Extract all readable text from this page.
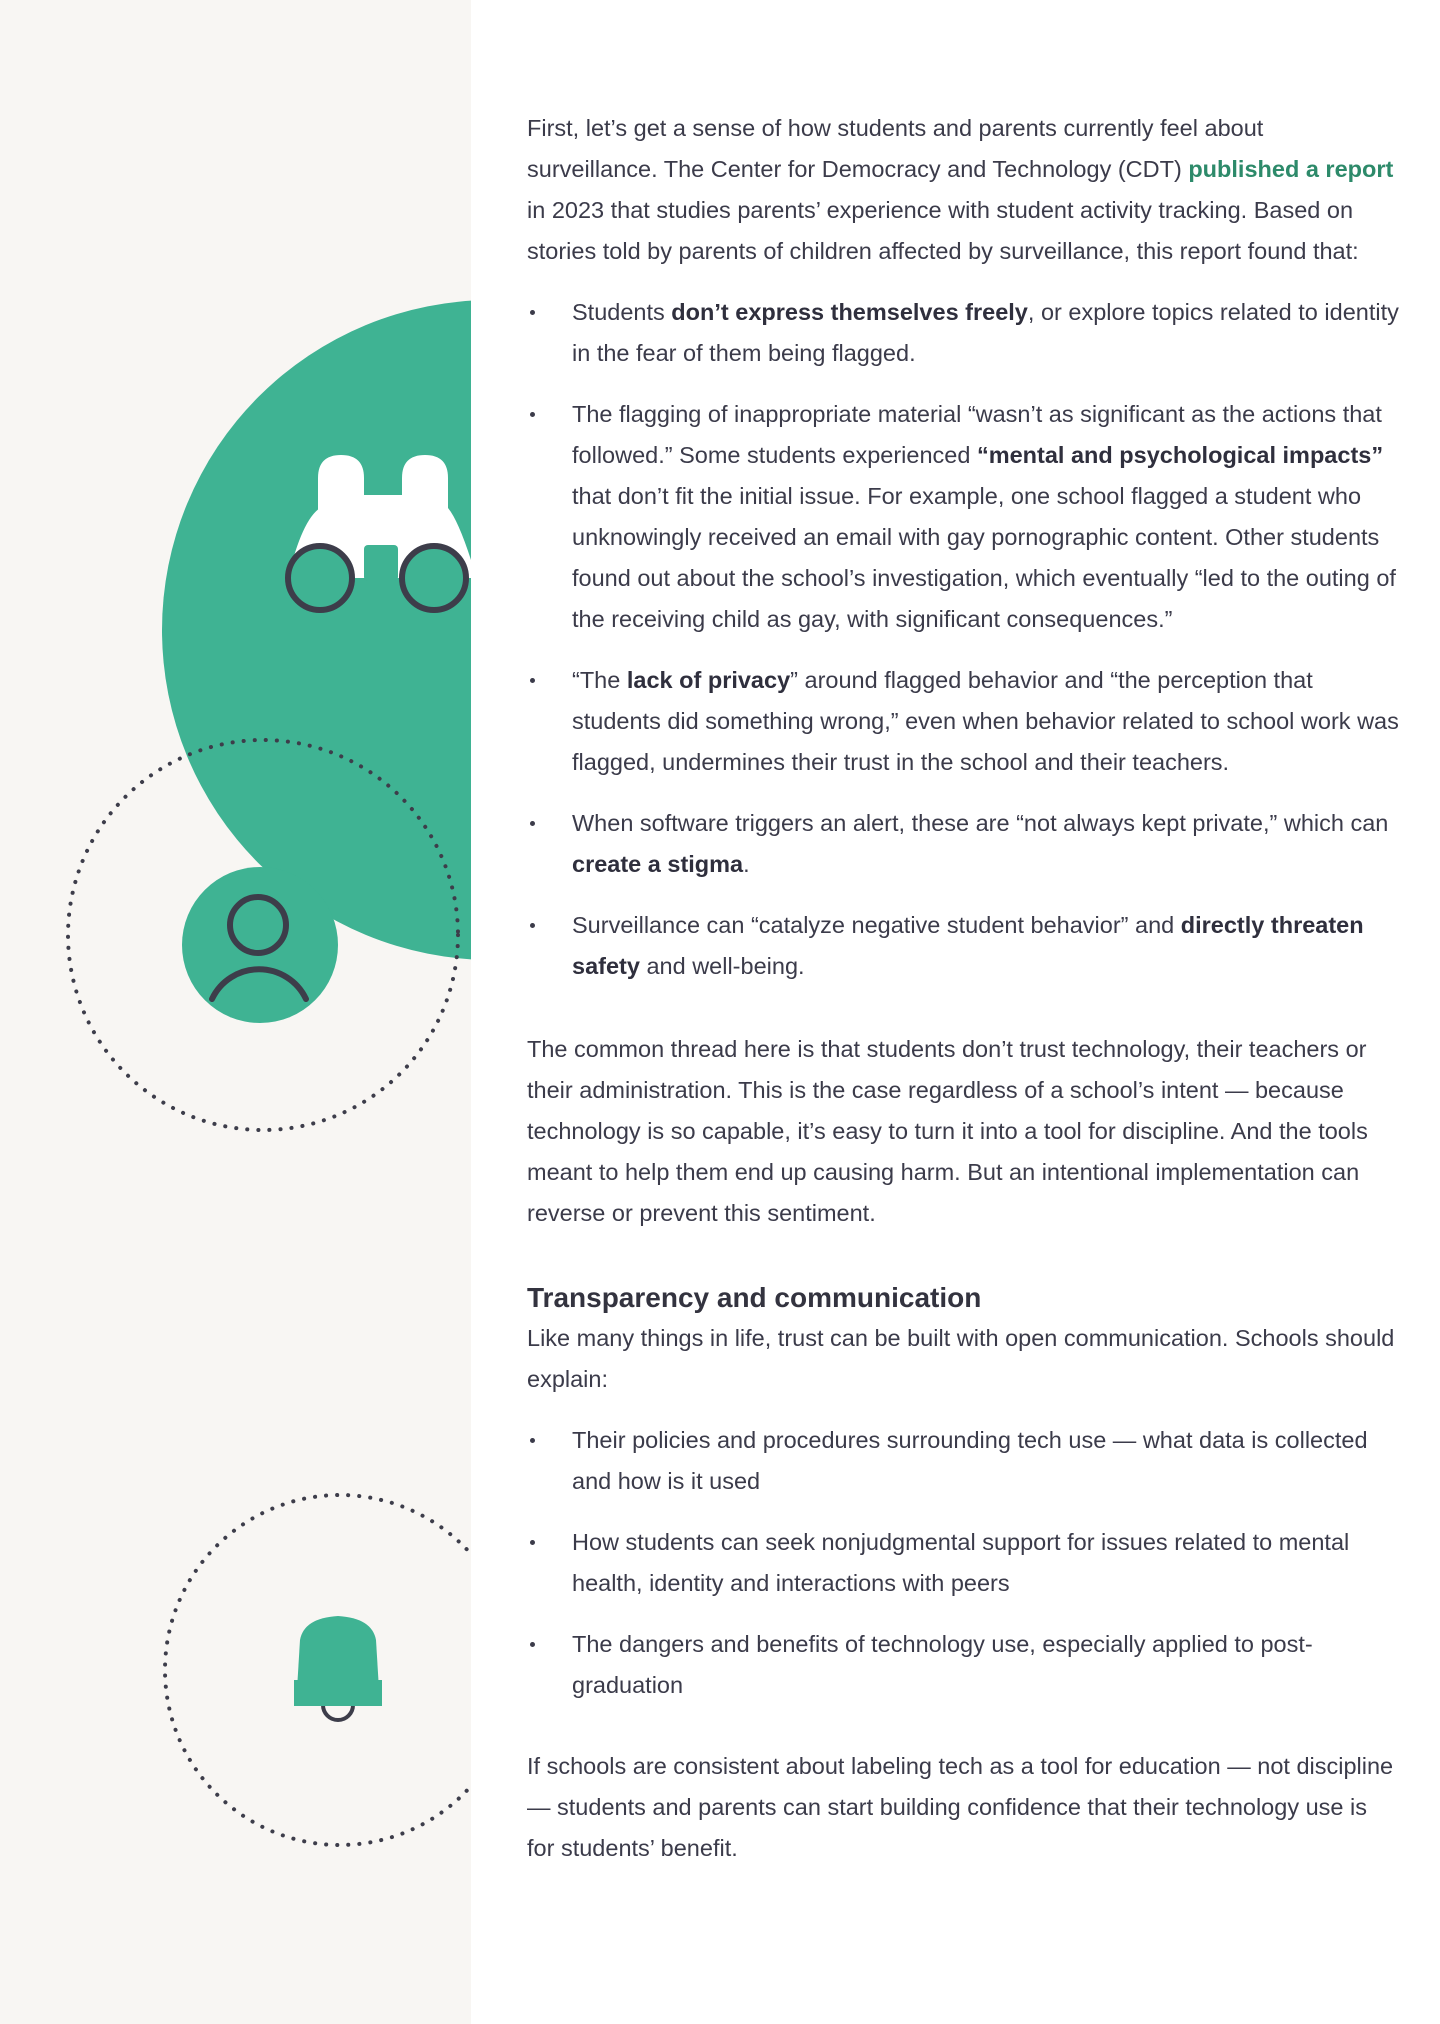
First, let’s get a sense of how students and parents currently feel about surveillance. The Center for Democracy and Technology (CDT) published a report in 2023 that studies parents’ experience with student activity tracking. Based on stories told by parents of children affected by surveillance, this report found that:

Students don’t express themselves freely, or explore topics related to identity in the fear of them being flagged.
The flagging of inappropriate material “wasn’t as significant as the actions that followed.” Some students experienced “mental and psychological impacts” that don’t fit the initial issue. For example, one school flagged a student who unknowingly received an email with gay pornographic content. Other students found out about the school’s investigation, which eventually “led to the outing of the receiving child as gay, with significant consequences.”
“The lack of privacy” around flagged behavior and “the perception that students did something wrong,” even when behavior related to school work was flagged, undermines their trust in the school and their teachers.
When software triggers an alert, these are “not always kept private,” which can create a stigma.
Surveillance can “catalyze negative student behavior” and directly threaten safety and well-being.

The common thread here is that students don’t trust technology, their teachers or their administration. This is the case regardless of a school’s intent — because technology is so capable, it’s easy to turn it into a tool for discipline. And the tools meant to help them end up causing harm. But an intentional implementation can reverse or prevent this sentiment.

Transparency and communication

Like many things in life, trust can be built with open communication. Schools should explain:

Their policies and procedures surrounding tech use — what data is collected and how is it used
How students can seek nonjudgmental support for issues related to mental health, identity and interactions with peers
The dangers and benefits of technology use, especially applied to post-graduation

If schools are consistent about labeling tech as a tool for education — not discipline — students and parents can start building confidence that their technology use is for students’ benefit.
